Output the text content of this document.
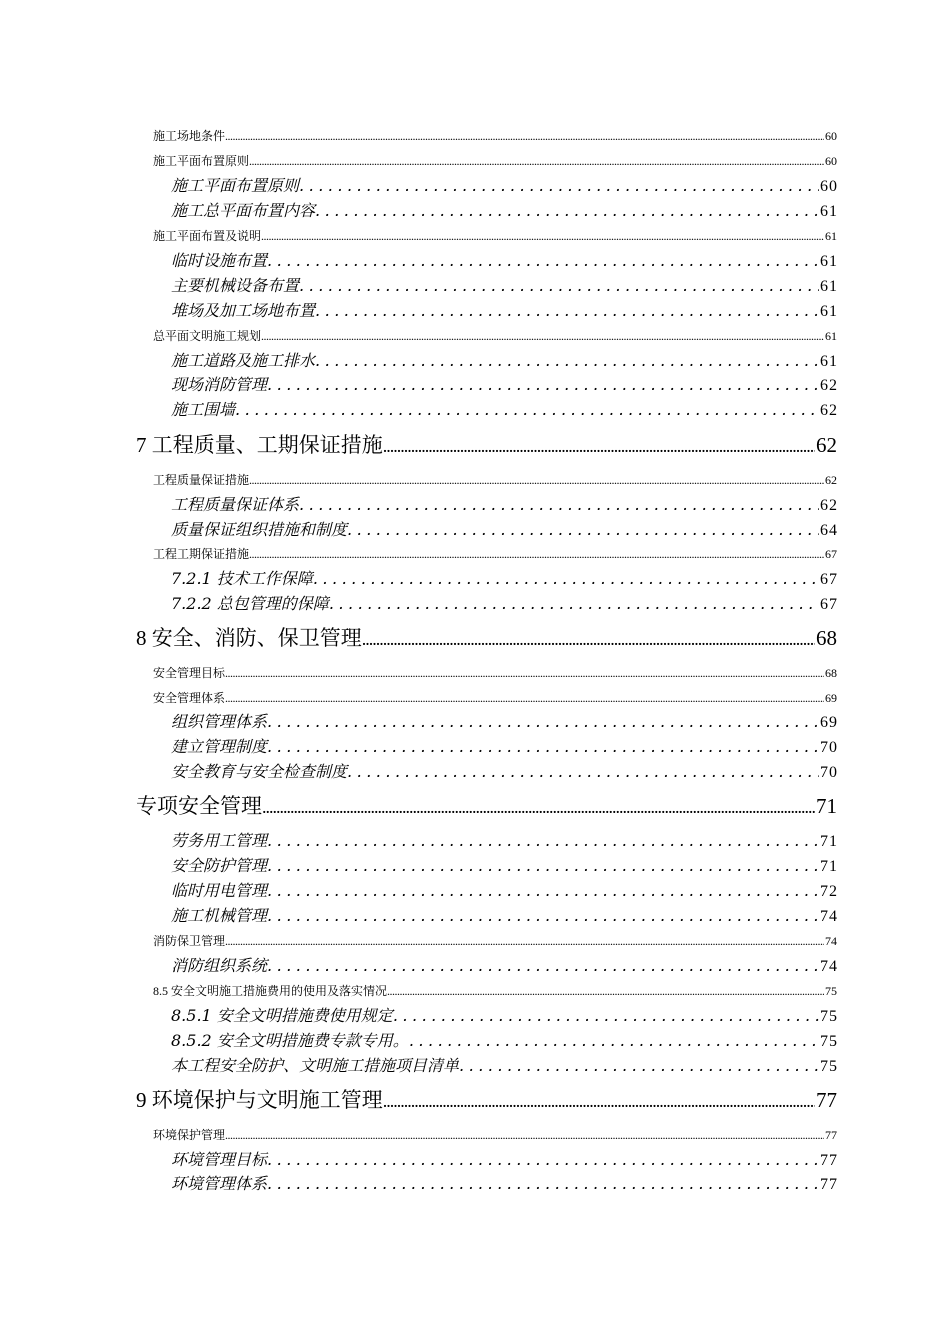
施工场地条件 .....	60
施工平面布置原则 .....	60
施工平面布置原则 .....	60
施工总平面布置内容 .....	61
施工平面布置及说明 .....	61
临时设施布置 .....	61
主要机械设备布置 .....	61
堆场及加工场地布置 .....	61
总平面文明施工规划 .....	61
施工道路及施工排水 .....	61
现场消防管理 .....	62
施工围墙 .....	62
7 工程质量、工期保证措施 .....	62
工程质量保证措施 .....	62
工程质量保证体系 .....	62
质量保证组织措施和制度 .....	64
工程工期保证措施 .....	67
7.2.1 技术工作保障 .....	67
7.2.2 总包管理的保障 .....	67
8 安全、消防、保卫管理 .....	68
安全管理目标 .....	68
安全管理体系 .....	69
组织管理体系 .....	69
建立管理制度 .....	70
安全教育与安全检查制度 .....	70
专项安全管理 .....	71
劳务用工管理 .....	71
安全防护管理 .....	71
临时用电管理 .....	72
施工机械管理 .....	74
消防保卫管理 .....	74
消防组织系统 .....	74
8.5 安全文明施工措施费用的使用及落实情况 .....	75
8.5.1 安全文明措施费使用规定 .....	75
8.5.2 安全文明措施费专款专用。 .....	75
本工程安全防护、文明施工措施项目清单 .....	75
9 环境保护与文明施工管理 .....	77
环境保护管理 .....	77
环境管理目标 .....	77
环境管理体系 .....	77
